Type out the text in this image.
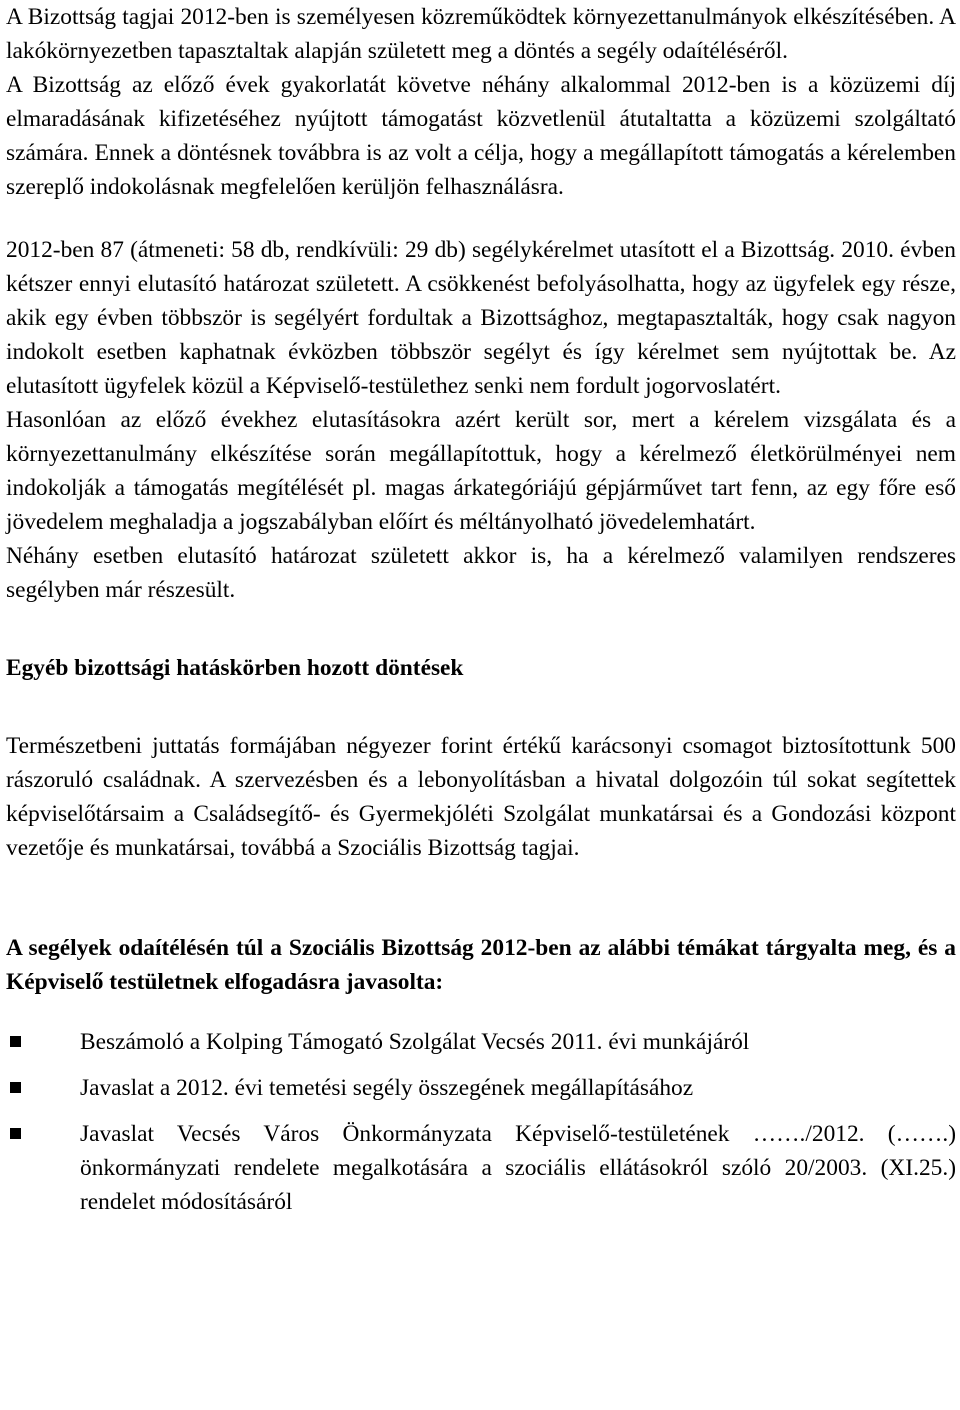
A Bizottság tagjai 2012-ben is személyesen közreműködtek környezettanulmányok elkészítésében. A lakókörnyezetben tapasztaltak alapján született meg a döntés a segély odaítéléséről.

A Bizottság az előző évek gyakorlatát követve néhány alkalommal 2012-ben is a közüzemi díj elmaradásának kifizetéséhez nyújtott támogatást közvetlenül átutaltatta a közüzemi szolgáltató számára. Ennek a döntésnek továbbra is az volt a célja, hogy a megállapított támogatás a kérelemben szereplő indokolásnak megfelelően kerüljön felhasználásra.

2012-ben 87 (átmeneti: 58 db, rendkívüli: 29 db) segélykérelmet utasított el a Bizottság. 2010. évben kétszer ennyi elutasító határozat született. A csökkenést befolyásolhatta, hogy az ügyfelek egy része, akik egy évben többször is segélyért fordultak a Bizottsághoz, megtapasztalták, hogy csak nagyon indokolt esetben kaphatnak évközben többször segélyt és így kérelmet sem nyújtottak be. Az elutasított ügyfelek közül a Képviselő-testülethez senki nem fordult jogorvoslatért.

Hasonlóan az előző évekhez elutasításokra azért került sor, mert a kérelem vizsgálata és a környezettanulmány elkészítése során megállapítottuk, hogy a kérelmező életkörülményei nem indokolják a támogatás megítélését pl. magas árkategóriájú gépjárművet tart fenn, az egy főre eső jövedelem meghaladja a jogszabályban előírt és méltányolható jövedelemhatárt.

Néhány esetben elutasító határozat született akkor is, ha a kérelmező valamilyen rendszeres segélyben már részesült.

Egyéb bizottsági hatáskörben hozott döntések

Természetbeni juttatás formájában négyezer forint értékű karácsonyi csomagot biztosítottunk 500 rászoruló családnak. A szervezésben és a lebonyolításban a hivatal dolgozóin túl sokat segítettek képviselőtársaim a Családsegítő- és Gyermekjóléti Szolgálat munkatársai és a Gondozási központ vezetője és munkatársai, továbbá a Szociális Bizottság tagjai.

A segélyek odaítélésén túl a Szociális Bizottság 2012-ben az alábbi témákat tárgyalta meg, és a Képviselő testületnek elfogadásra javasolta:

Beszámoló a Kolping Támogató Szolgálat Vecsés 2011. évi munkájáról
Javaslat a 2012. évi temetési segély összegének megállapításához
Javaslat Vecsés Város Önkormányzata Képviselő-testületének ……./2012. (…….) önkormányzati rendelete megalkotására a szociális ellátásokról szóló 20/2003. (XI.25.) rendelet módosításáról
